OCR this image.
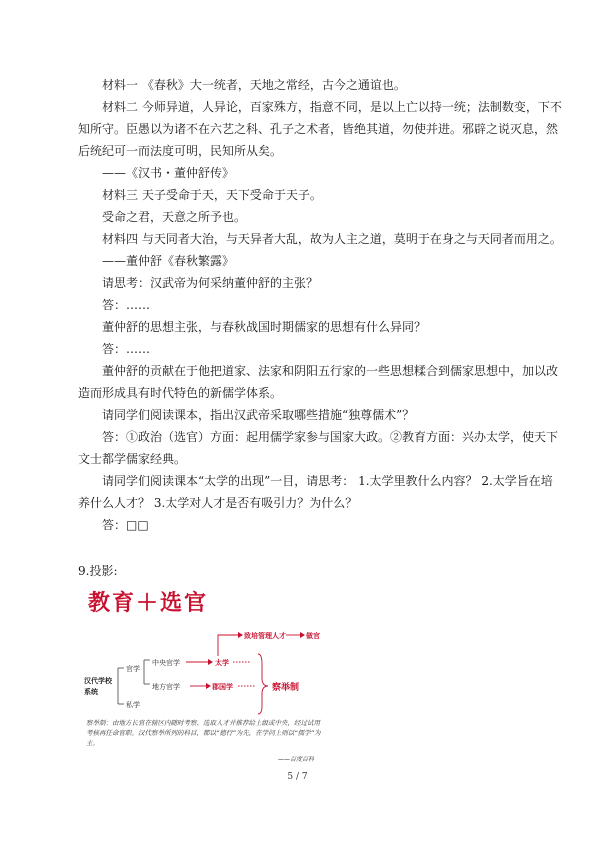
材料一 《春秋》大一统者，天地之常经，古今之通谊也。

材料二 今师异道，人异论，百家殊方，指意不同，是以上亡以持一统；法制数变，下不

知所守。臣愚以为诸不在六艺之科、孔子之术者，皆绝其道，勿使并进。邪辟之说灭息，然

后统纪可一而法度可明，民知所从矣。

——《汉书・董仲舒传》

材料三 天子受命于天，天下受命于天子。

受命之君，天意之所予也。

材料四 与天同者大治，与天异者大乱，故为人主之道，莫明于在身之与天同者而用之。

——董仲舒《春秋繁露》

请思考：汉武帝为何采纳董仲舒的主张？

答：……

董仲舒的思想主张，与春秋战国时期儒家的思想有什么异同？

答：……

董仲舒的贡献在于他把道家、法家和阴阳五行家的一些思想糅合到儒家思想中，加以改

造而形成具有时代特色的新儒学体系。

请同学们阅读课本，指出汉武帝采取哪些措施“独尊儒术”？

答：①政治（选官）方面：起用儒学家参与国家大政。②教育方面：兴办太学，使天下

文士都学儒家经典。

请同学们阅读课本“太学的出现”一目，请思考： 1.太学里教什么内容？ 2.太学旨在培

养什么人才？ 3.太学对人才是否有吸引力？为什么？

答：□□

9.投影:
教育＋选官
致培管理人才	做官
中央官学	太学
官学
汉代学校系统
地方官学	郡国学	察举制
私学
察举制：由地方长官在辖区内随时考察、选取人才并推荐给上级或中央，经过试用考核再任命官职。汉代察举所列的科目，都以“德行”为先，在学问上则以“儒学”为主。
——百度百科
5 / 7
